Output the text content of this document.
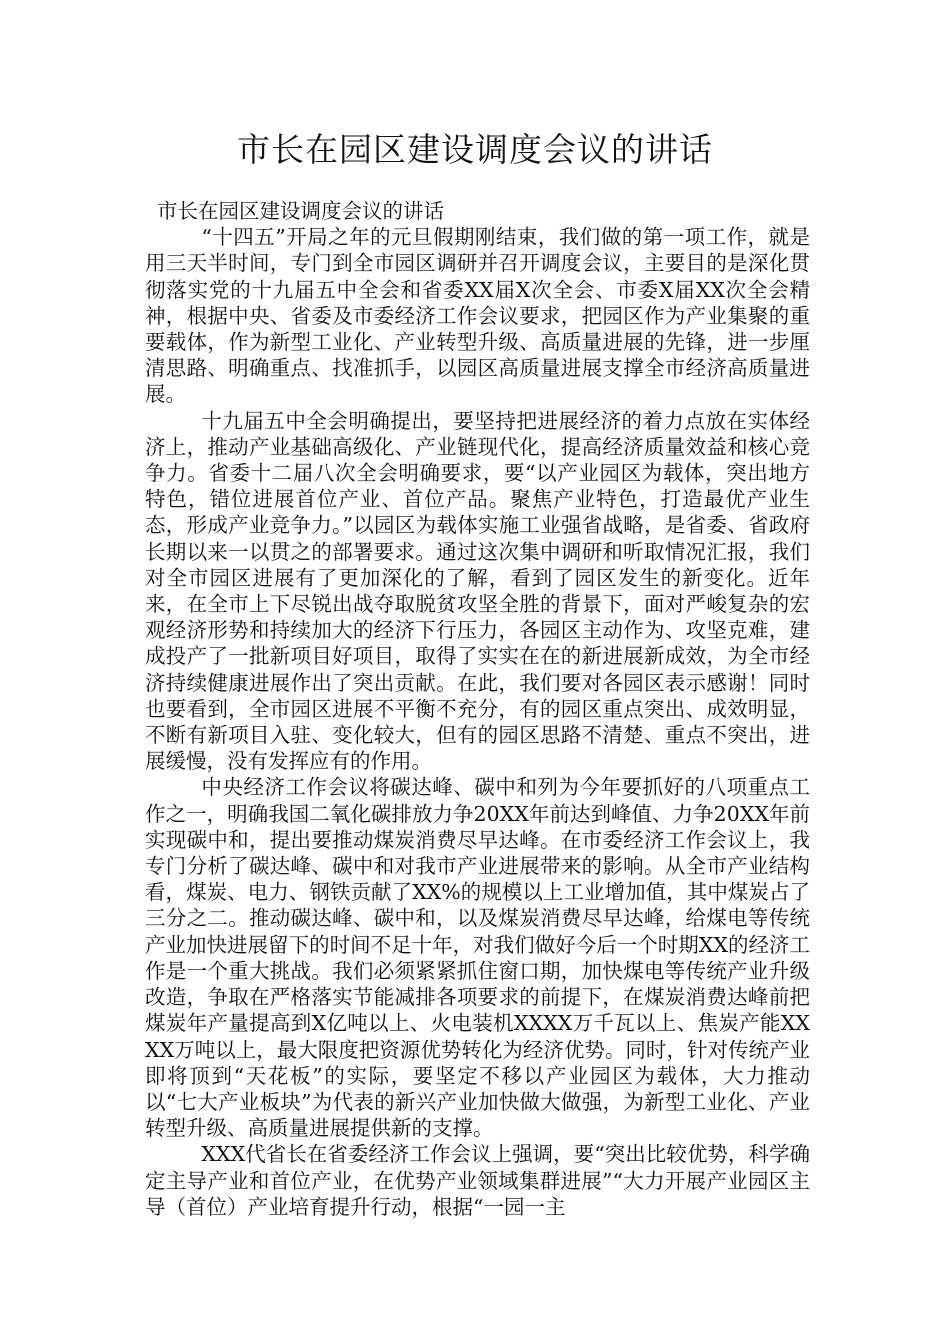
市长在园区建设调度会议的讲话

市长在园区建设调度会议的讲话

“十四五”开局之年的元旦假期刚结束，我们做的第一项工作，就是用三天半时间，专门到全市园区调研并召开调度会议，主要目的是深化贯彻落实党的十九届五中全会和省委XX届X次全会、市委X届XX次全会精神，根据中央、省委及市委经济工作会议要求，把园区作为产业集聚的重要载体，作为新型工业化、产业转型升级、高质量进展的先锋，进一步厘清思路、明确重点、找准抓手，以园区高质量进展支撑全市经济高质量进展。

十九届五中全会明确提出，要坚持把进展经济的着力点放在实体经济上，推动产业基础高级化、产业链现代化，提高经济质量效益和核心竞争力。省委十二届八次全会明确要求，要“以产业园区为载体，突出地方特色，错位进展首位产业、首位产品。聚焦产业特色，打造最优产业生态，形成产业竞争力。”以园区为载体实施工业强省战略，是省委、省政府长期以来一以贯之的部署要求。通过这次集中调研和听取情况汇报，我们对全市园区进展有了更加深化的了解，看到了园区发生的新变化。近年来，在全市上下尽锐出战夺取脱贫攻坚全胜的背景下，面对严峻复杂的宏观经济形势和持续加大的经济下行压力，各园区主动作为、攻坚克难，建成投产了一批新项目好项目，取得了实实在在的新进展新成效，为全市经济持续健康进展作出了突出贡献。在此，我们要对各园区表示感谢！同时也要看到，全市园区进展不平衡不充分，有的园区重点突出、成效明显，不断有新项目入驻、变化较大，但有的园区思路不清楚、重点不突出，进展缓慢，没有发挥应有的作用。

中央经济工作会议将碳达峰、碳中和列为今年要抓好的八项重点工作之一，明确我国二氧化碳排放力争20XX年前达到峰值、力争20XX年前实现碳中和，提出要推动煤炭消费尽早达峰。在市委经济工作会议上，我专门分析了碳达峰、碳中和对我市产业进展带来的影响。从全市产业结构看，煤炭、电力、钢铁贡献了XX%的规模以上工业增加值，其中煤炭占了三分之二。推动碳达峰、碳中和，以及煤炭消费尽早达峰，给煤电等传统产业加快进展留下的时间不足十年，对我们做好今后一个时期XX的经济工作是一个重大挑战。我们必须紧紧抓住窗口期，加快煤电等传统产业升级改造，争取在严格落实节能减排各项要求的前提下，在煤炭消费达峰前把煤炭年产量提高到X亿吨以上、火电装机XXXX万千瓦以上、焦炭产能XXXX万吨以上，最大限度把资源优势转化为经济优势。同时，针对传统产业即将顶到“天花板”的实际，要坚定不移以产业园区为载体，大力推动以“七大产业板块”为代表的新兴产业加快做大做强，为新型工业化、产业转型升级、高质量进展提供新的支撑。

XXX代省长在省委经济工作会议上强调，要“突出比较优势，科学确定主导产业和首位产业，在优势产业领域集群进展”“大力开展产业园区主导（首位）产业培育提升行动，根据“一园一主
